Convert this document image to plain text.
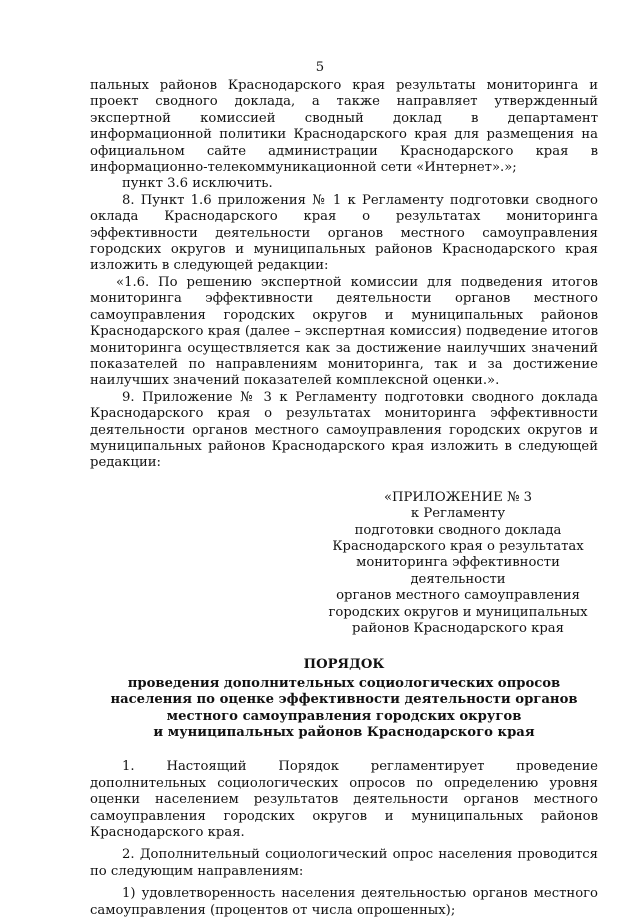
5

пальных районов Краснодарского края результаты мониторинга и проект сводного доклада, а также направляет утвержденный экспертной комиссией сводный доклад в департамент информационной политики Краснодарского края для размещения на официальном сайте администрации Краснодарского края в информационно-телекоммуникационной сети «Интернет».»;

пункт 3.6 исключить.

8. Пункт 1.6 приложения № 1 к Регламенту подготовки сводного оклада Краснодарского края о результатах мониторинга эффективности деятельности органов местного самоуправления городских округов и муниципальных районов Краснодарского края изложить в следующей редакции:

«1.6. По решению экспертной комиссии для подведения итогов мониторинга эффективности деятельности органов местного самоуправления городских округов и муниципальных районов Краснодарского края (далее – экспертная комиссия) подведение итогов мониторинга осуществляется как за достижение наилучших значений показателей по направлениям мониторинга, так и за достижение наилучших значений показателей комплексной оценки.».

9. Приложение № 3 к Регламенту подготовки сводного доклада Краснодарского края о результатах мониторинга эффективности деятельности органов местного самоуправления городских округов и муниципальных районов Краснодарского края изложить в следующей редакции:

«ПРИЛОЖЕНИЕ № 3
к Регламенту
подготовки сводного доклада
Краснодарского края о результатах
мониторинга эффективности деятельности
органов местного самоуправления
городских округов и муниципальных
районов Краснодарского края
ПОРЯДОК
проведения дополнительных социологических опросов
населения по оценке эффективности деятельности органов
местного самоуправления городских округов
и муниципальных районов Краснодарского края

1. Настоящий Порядок регламентирует проведение дополнительных социологических опросов по определению уровня оценки населением результатов деятельности органов местного самоуправления городских округов и муниципальных районов Краснодарского края.

2. Дополнительный социологический опрос населения проводится по следующим направлениям:

1) удовлетворенность населения деятельностью органов местного самоуправления (процентов от числа опрошенных);
